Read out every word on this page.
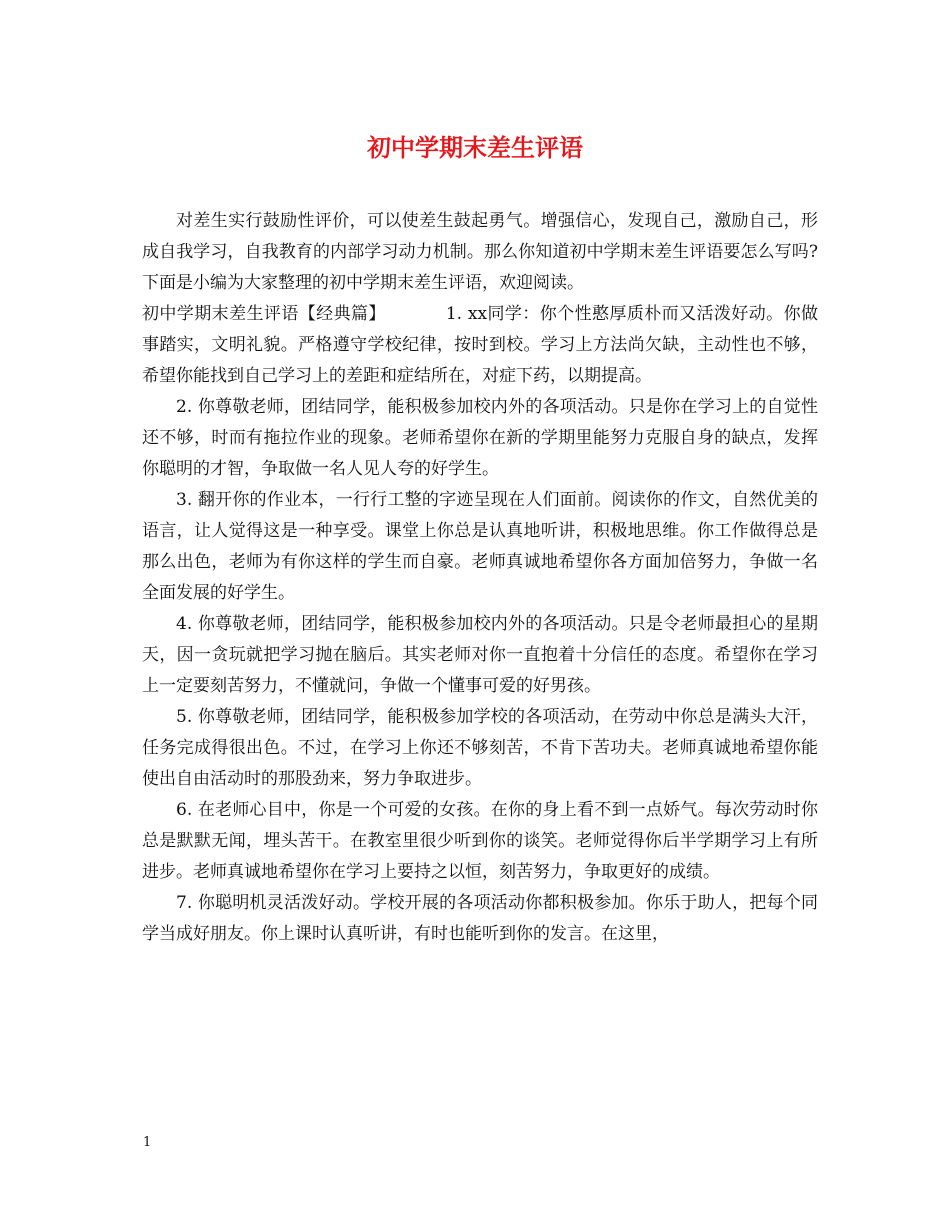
初中学期末差生评语

对差生实行鼓励性评价，可以使差生鼓起勇气。增强信心，发现自己，激励自己，形成自我学习，自我教育的内部学习动力机制。那么你知道初中学期末差生评语要怎么写吗?下面是小编为大家整理的初中学期末差生评语，欢迎阅读。

初中学期末差生评语【经典篇】	1. xx同学：你个性憨厚质朴而又活泼好动。你做事踏实，文明礼貌。严格遵守学校纪律，按时到校。学习上方法尚欠缺，主动性也不够，希望你能找到自己学习上的差距和症结所在，对症下药，以期提高。

2. 你尊敬老师，团结同学，能积极参加校内外的各项活动。只是你在学习上的自觉性还不够，时而有拖拉作业的现象。老师希望你在新的学期里能努力克服自身的缺点，发挥你聪明的才智，争取做一名人见人夸的好学生。

3. 翻开你的作业本，一行行工整的字迹呈现在人们面前。阅读你的作文，自然优美的语言，让人觉得这是一种享受。课堂上你总是认真地听讲，积极地思维。你工作做得总是那么出色，老师为有你这样的学生而自豪。老师真诚地希望你各方面加倍努力，争做一名全面发展的好学生。

4. 你尊敬老师，团结同学，能积极参加校内外的各项活动。只是令老师最担心的星期天，因一贪玩就把学习抛在脑后。其实老师对你一直抱着十分信任的态度。希望你在学习上一定要刻苦努力，不懂就问，争做一个懂事可爱的好男孩。

5. 你尊敬老师，团结同学，能积极参加学校的各项活动，在劳动中你总是满头大汗，任务完成得很出色。不过，在学习上你还不够刻苦，不肯下苦功夫。老师真诚地希望你能使出自由活动时的那股劲来，努力争取进步。

6. 在老师心目中，你是一个可爱的女孩。在你的身上看不到一点娇气。每次劳动时你总是默默无闻，埋头苦干。在教室里很少听到你的谈笑。老师觉得你后半学期学习上有所进步。老师真诚地希望你在学习上要持之以恒，刻苦努力，争取更好的成绩。

7. 你聪明机灵活泼好动。学校开展的各项活动你都积极参加。你乐于助人，把每个同学当成好朋友。你上课时认真听讲，有时也能听到你的发言。在这里，

1
